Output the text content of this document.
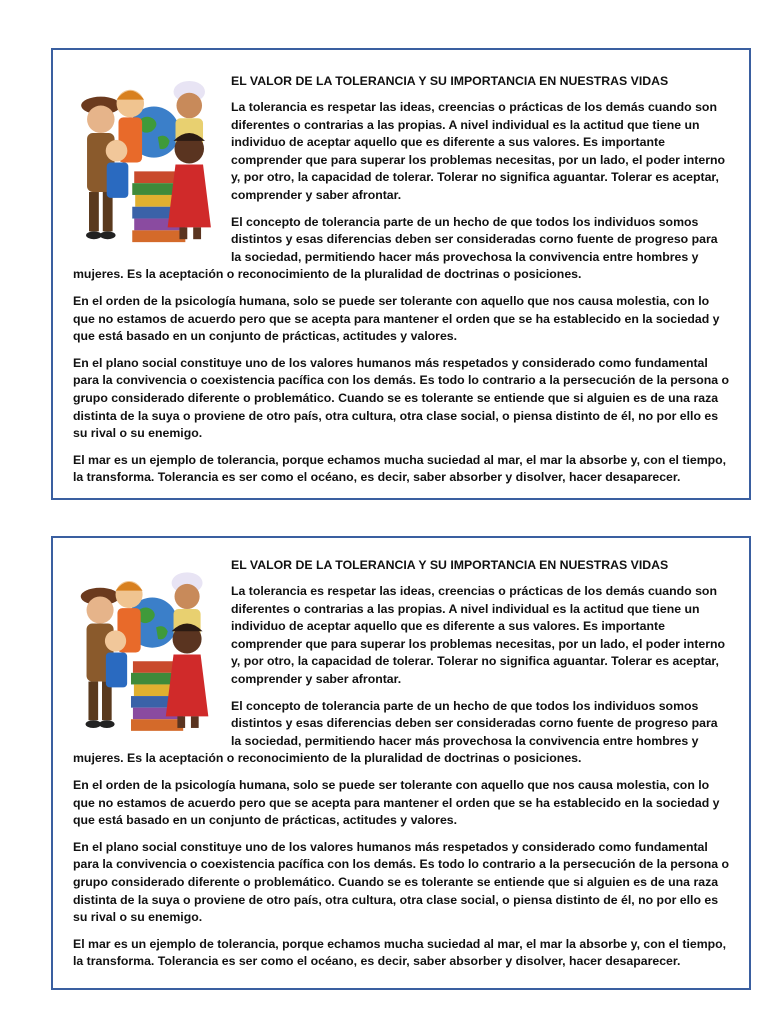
EL VALOR DE LA TOLERANCIA Y SU IMPORTANCIA EN NUESTRAS VIDAS

La tolerancia es respetar las ideas, creencias o prácticas de los demás cuando son diferentes o contrarias a las propias. A nivel individual es la actitud que tiene un individuo de aceptar aquello que es diferente a sus valores. Es importante comprender que para superar los problemas necesitas, por un lado, el poder interno y, por otro, la capacidad de tolerar. Tolerar no significa aguantar. Tolerar es aceptar, comprender y saber afrontar.

El concepto de tolerancia parte de un hecho de que todos los individuos somos distintos y esas diferencias deben ser consideradas corno fuente de progreso para la sociedad, permitiendo hacer más provechosa la convivencia entre hombres y mujeres. Es la aceptación o reconocimiento de la pluralidad de doctrinas o posiciones.

En el orden de la psicología humana, solo se puede ser tolerante con aquello que nos causa molestia, con lo que no estamos de acuerdo pero que se acepta para mantener el orden que se ha establecido en la sociedad y que está basado en un conjunto de prácticas, actitudes y valores.

En el plano social constituye uno de los valores humanos más respetados y considerado como fundamental para la convivencia o coexistencia pacífica con los demás. Es todo lo contrario a la persecución de la persona o grupo considerado diferente o problemático. Cuando se es tolerante se entiende que si alguien es de una raza distinta de la suya o proviene de otro país, otra cultura, otra clase social, o piensa distinto de él, no por ello es su rival o su enemigo.

El mar es un ejemplo de tolerancia, porque echamos mucha suciedad al mar, el mar la absorbe y, con el tiempo, la transforma. Tolerancia es ser como el océano, es decir, saber absorber y disolver, hacer desaparecer.

EL VALOR DE LA TOLERANCIA Y SU IMPORTANCIA EN NUESTRAS VIDAS

La tolerancia es respetar las ideas, creencias o prácticas de los demás cuando son diferentes o contrarias a las propias. A nivel individual es la actitud que tiene un individuo de aceptar aquello que es diferente a sus valores. Es importante comprender que para superar los problemas necesitas, por un lado, el poder interno y, por otro, la capacidad de tolerar. Tolerar no significa aguantar. Tolerar es aceptar, comprender y saber afrontar.

El concepto de tolerancia parte de un hecho de que todos los individuos somos distintos y esas diferencias deben ser consideradas corno fuente de progreso para la sociedad, permitiendo hacer más provechosa la convivencia entre hombres y mujeres. Es la aceptación o reconocimiento de la pluralidad de doctrinas o posiciones.

En el orden de la psicología humana, solo se puede ser tolerante con aquello que nos causa molestia, con lo que no estamos de acuerdo pero que se acepta para mantener el orden que se ha establecido en la sociedad y que está basado en un conjunto de prácticas, actitudes y valores.

En el plano social constituye uno de los valores humanos más respetados y considerado como fundamental para la convivencia o coexistencia pacífica con los demás. Es todo lo contrario a la persecución de la persona o grupo considerado diferente o problemático. Cuando se es tolerante se entiende que si alguien es de una raza distinta de la suya o proviene de otro país, otra cultura, otra clase social, o piensa distinto de él, no por ello es su rival o su enemigo.

El mar es un ejemplo de tolerancia, porque echamos mucha suciedad al mar, el mar la absorbe y, con el tiempo, la transforma. Tolerancia es ser como el océano, es decir, saber absorber y disolver, hacer desaparecer.
